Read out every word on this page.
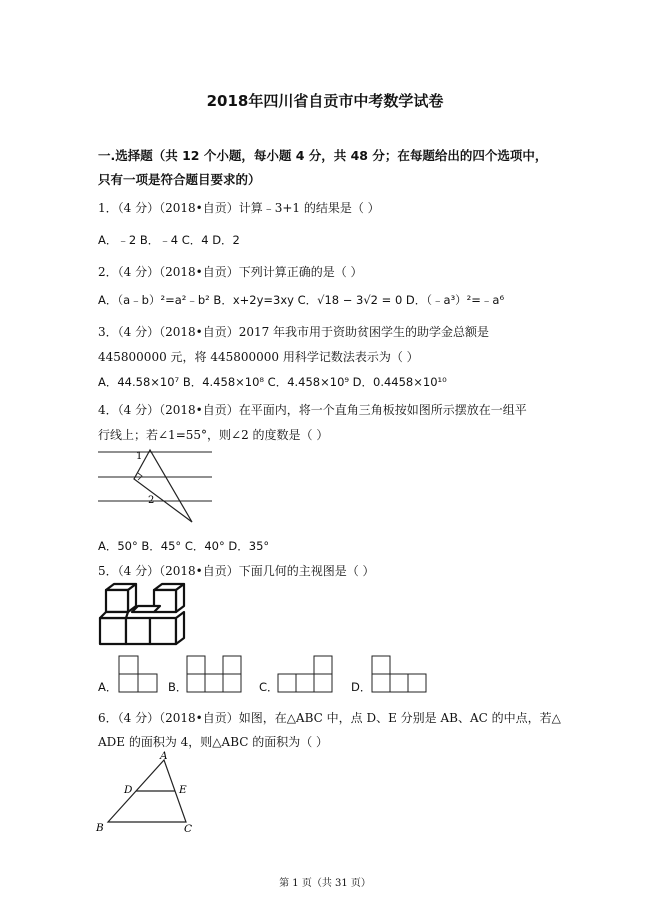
2018年四川省自贡市中考数学试卷
一.选择题（共 12 个小题，每小题 4 分，共 48 分；在每题给出的四个选项中，
只有一项是符合题目要求的）
1．（4 分）（2018•自贡）计算﹣3+1 的结果是（ ）
A．﹣2 B．﹣4 C．4 D．2
2．（4 分）（2018•自贡）下列计算正确的是（ ）
A．（a﹣b）²=a²﹣b² B．x+2y=3xy C．√18 − 3√2 = 0 D．（﹣a³）²=﹣a⁶
3．（4 分）（2018•自贡）2017 年我市用于资助贫困学生的助学金总额是
445800000 元，将 445800000 用科学记数法表示为（ ）
A．44.58×10⁷ B．4.458×10⁸ C．4.458×10⁹ D．0.4458×10¹⁰
4．（4 分）（2018•自贡）在平面内，将一个直角三角板按如图所示摆放在一组平
行线上；若∠1=55°，则∠2 的度数是（ ）
1
2
A．50° B．45° C．40° D．35°
5．（4 分）（2018•自贡）下面几何的主视图是（ ）
A．	B．	C．	D．
6．（4 分）（2018•自贡）如图，在△ABC 中，点 D、E 分别是 AB、AC 的中点，若△
ADE 的面积为 4，则△ABC 的面积为（ ）
A
B	C
D	E
第 1 页（共 31 页）
